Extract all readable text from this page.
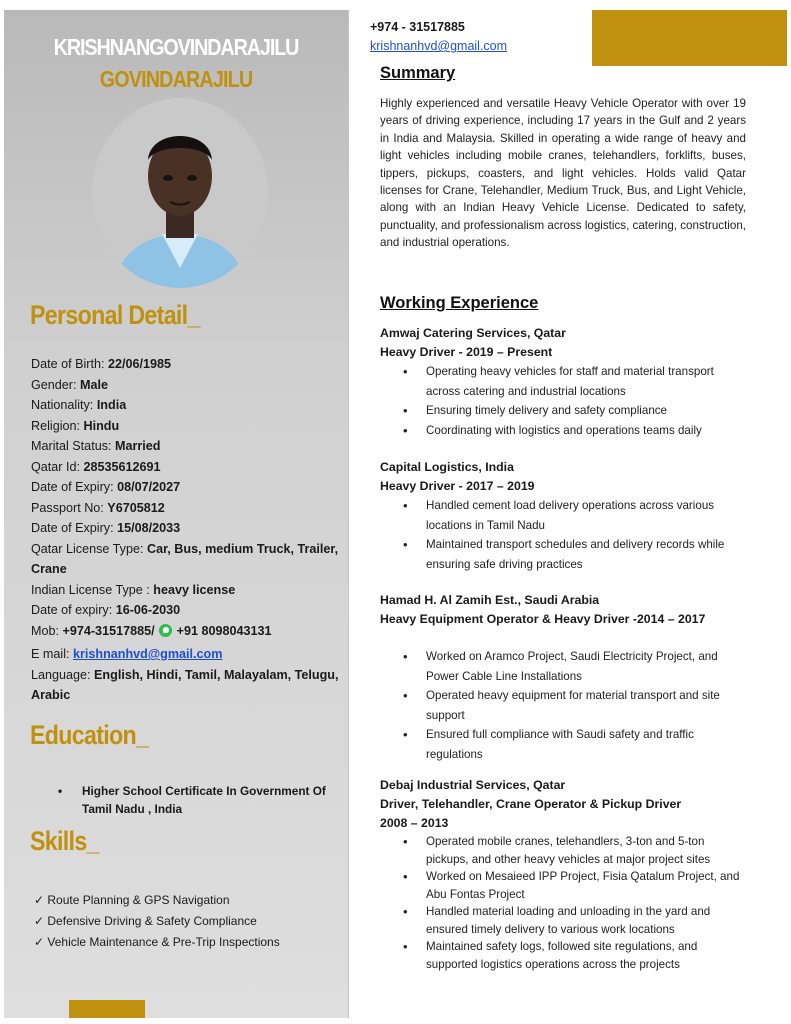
KRISHNANGOVINDARAJILU
GOVINDARAJILU
Personal Detail_
Date of Birth: 22/06/1985
Gender: Male
Nationality: India
Religion: Hindu
Marital Status: Married
Qatar Id: 28535612691
Date of Expiry: 08/07/2027
Passport No: Y6705812
Date of Expiry: 15/08/2033
Qatar License Type: Car, Bus, medium Truck, Trailer, Crane
Indian License Type : heavy license
Date of expiry: 16-06-2030
Mob: +974-31517885/  +91 8098043131
E mail: krishnanhvd@gmail.com
Language: English, Hindi, Tamil, Malayalam, Telugu, Arabic
Education_
• Higher School Certificate In Government Of Tamil Nadu , India
Skills_
✓ Route Planning & GPS Navigation
✓ Defensive Driving & Safety Compliance
✓ Vehicle Maintenance & Pre-Trip Inspections
+974 - 31517885
krishnanhvd@gmail.com
Summary
Highly experienced and versatile Heavy Vehicle Operator with over 19 years of driving experience, including 17 years in the Gulf and 2 years in India and Malaysia. Skilled in operating a wide range of heavy and light vehicles including mobile cranes, telehandlers, forklifts, buses, tippers, pickups, coasters, and light vehicles. Holds valid Qatar licenses for Crane, Telehandler, Medium Truck, Bus, and Light Vehicle, along with an Indian Heavy Vehicle License. Dedicated to safety, punctuality, and professionalism across logistics, catering, construction, and industrial operations.
Working Experience
Amwaj Catering Services, Qatar
Heavy Driver - 2019 – Present
• Operating heavy vehicles for staff and material transport across catering and industrial locations
• Ensuring timely delivery and safety compliance
• Coordinating with logistics and operations teams daily
Capital Logistics, India
Heavy Driver - 2017 – 2019
• Handled cement load delivery operations across various locations in Tamil Nadu
• Maintained transport schedules and delivery records while ensuring safe driving practices
Hamad H. Al Zamih Est., Saudi Arabia
Heavy Equipment Operator & Heavy Driver -2014 – 2017
• Worked on Aramco Project, Saudi Electricity Project, and Power Cable Line Installations
• Operated heavy equipment for material transport and site support
• Ensured full compliance with Saudi safety and traffic regulations
Debaj Industrial Services, Qatar
Driver, Telehandler, Crane Operator & Pickup Driver
2008 – 2013
• Operated mobile cranes, telehandlers, 3-ton and 5-ton pickups, and other heavy vehicles at major project sites
• Worked on Mesaieed IPP Project, Fisia Qatalum Project, and Abu Fontas Project
• Handled material loading and unloading in the yard and ensured timely delivery to various work locations
• Maintained safety logs, followed site regulations, and supported logistics operations across the projects
